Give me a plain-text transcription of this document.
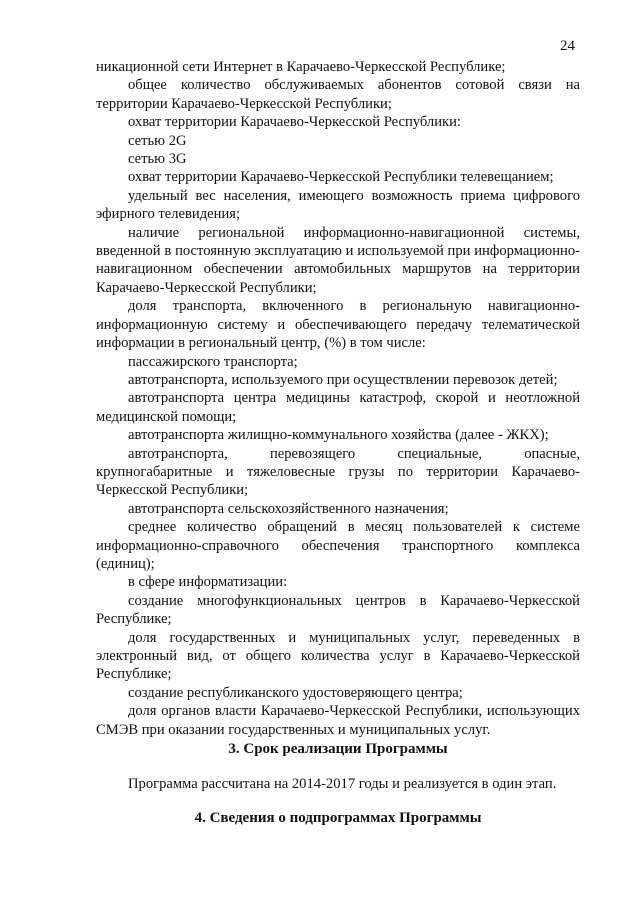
24

никационной сети Интернет в Карачаево-Черкесской Республике;

общее количество обслуживаемых абонентов сотовой связи на территории Карачаево-Черкесской Республики;

охват территории Карачаево-Черкесской Республики:

сетью 2G

сетью 3G

охват территории Карачаево-Черкесской Республики телевещанием;

удельный вес населения, имеющего возможность приема цифрового эфирного телевидения;

наличие региональной информационно-навигационной системы, введенной в постоянную эксплуатацию и используемой при информационно-навигационном обеспечении автомобильных маршрутов на территории Карачаево-Черкесской Республики;

доля транспорта, включенного в региональную навигационно-информационную систему и обеспечивающего передачу телематической информации в региональный центр, (%) в том числе:

пассажирского транспорта;

автотранспорта, используемого при осуществлении перевозок детей;

автотранспорта центра медицины катастроф, скорой и неотложной медицинской помощи;

автотранспорта жилищно-коммунального хозяйства (далее - ЖКХ);

автотранспорта, перевозящего специальные, опасные, крупногабаритные и тяжеловесные грузы по территории Карачаево-Черкесской Республики;

автотранспорта сельскохозяйственного назначения;

среднее количество обращений в месяц пользователей к системе информационно-справочного обеспечения транспортного комплекса (единиц);

в сфере информатизации:

создание многофункциональных центров в Карачаево-Черкесской Республике;

доля государственных и муниципальных услуг, переведенных в электронный вид, от общего количества услуг в Карачаево-Черкесской Республике;

создание республиканского удостоверяющего центра;

доля органов власти Карачаево-Черкесской Республики, использующих СМЭВ при оказании государственных и муниципальных услуг.

3. Срок реализации Программы

Программа рассчитана на 2014-2017 годы и реализуется в один этап.

4. Сведения о подпрограммах Программы
